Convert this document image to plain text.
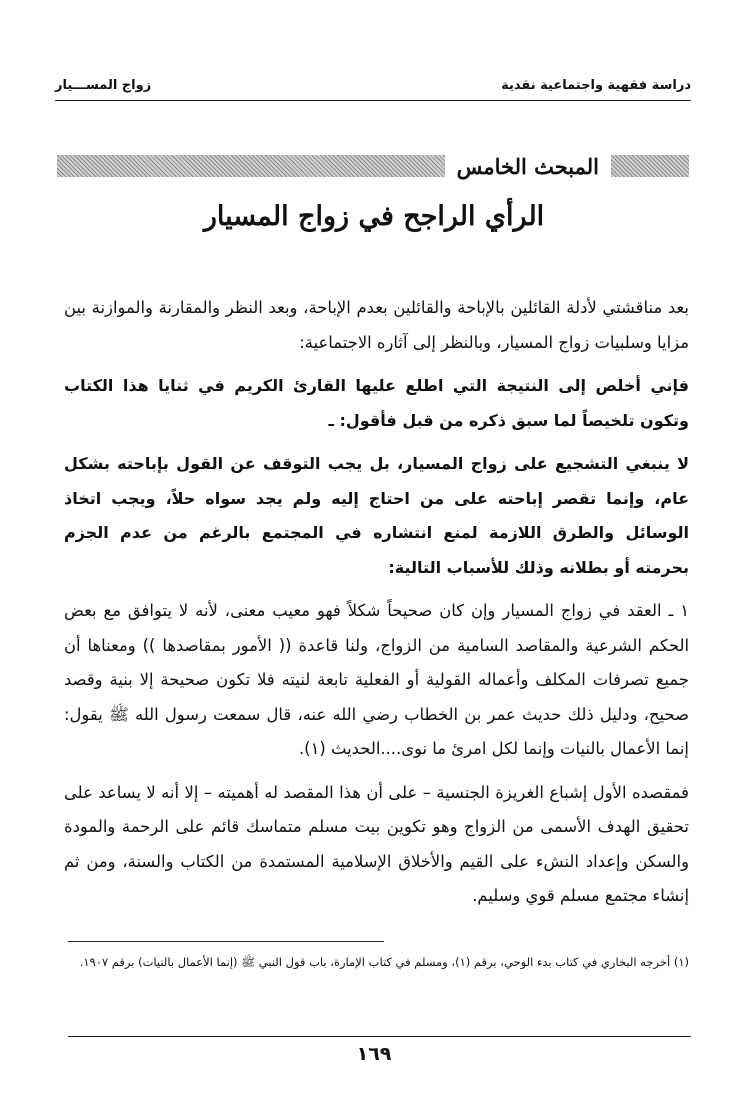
دراسة فقهية واجتماعية نقدية
زواج المســـيار
المبحث الخامس
الرأي الراجح في زواج المسيار

بعد مناقشتي لأدلة القائلين بالإباحة والقائلين بعدم الإباحة، وبعد النظر والمقارنة والموازنة بين مزايا وسلبيات زواج المسيار، وبالنظر إلى آثاره الاجتماعية:

فإني أخلص إلى النتيجة التي اطلع عليها القارئ الكريم في ثنايا هذا الكتاب وتكون تلخيصاً لما سبق ذكره من قبل فأقول: ـ

لا ينبغي التشجيع على زواج المسيار، بل يجب التوقف عن القول بإباحته بشكل عام، وإنما تقصر إباحته على من احتاج إليه ولم يجد سواه حلاً، ويجب اتخاذ الوسائل والطرق اللازمة لمنع انتشاره في المجتمع بالرغم من عدم الجزم بحرمته أو بطلانه وذلك للأسباب التالية:

١ ـ العقد في زواج المسيار وإن كان صحيحاً شكلاً فهو معيب معنى، لأنه لا يتوافق مع بعض الحكم الشرعية والمقاصد السامية من الزواج، ولنا قاعدة (( الأمور بمقاصدها )) ومعناها أن جميع تصرفات المكلف وأعماله القولية أو الفعلية تابعة لنيته فلا تكون صحيحة إلا بنية وقصد صحيح، ودليل ذلك حديث عمر بن الخطاب رضي الله عنه، قال سمعت رسول الله ﷺ يقول: إنما الأعمال بالنيات وإنما لكل امرئ ما نوى....الحديث (١).

فمقصده الأول إشباع الغريزة الجنسية – على أن هذا المقصد له أهميته – إلا أنه لا يساعد على تحقيق الهدف الأسمى من الزواج وهو تكوين بيت مسلم متماسك قائم على الرحمة والمودة والسكن وإعداد النشء على القيم والأخلاق الإسلامية المستمدة من الكتاب والسنة، ومن ثم إنشاء مجتمع مسلم قوي وسليم.

(١) أخرجه البخاري في كتاب بدء الوحي، برقم (١)، ومسلم في كتاب الإمارة، باب قول النبي ﷺ (إنما الأعمال بالنيات) برقم ١٩٠٧.
١٦٩
